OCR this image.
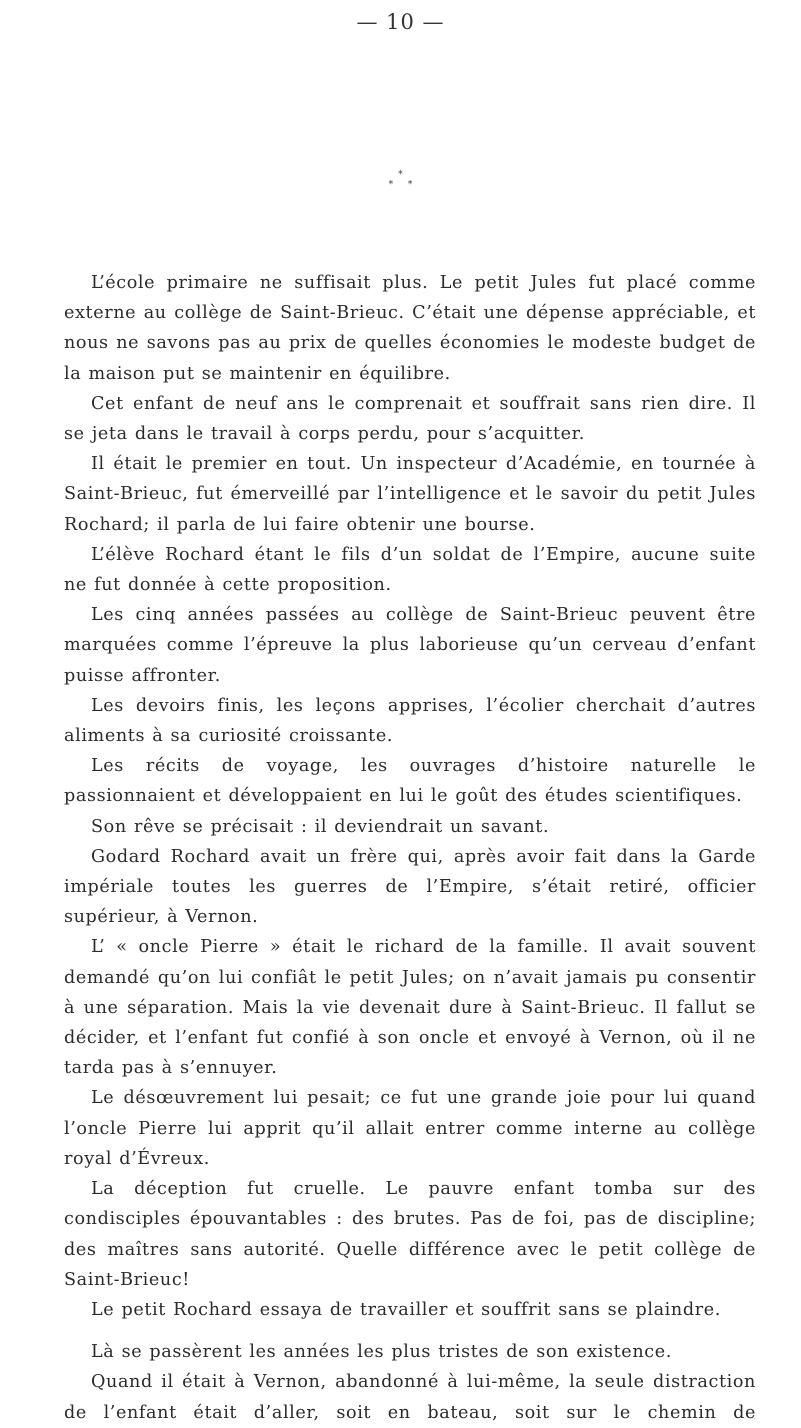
— 10 —
*
* *

L’école primaire ne suffisait plus. Le petit Jules fut placé comme externe au collège de Saint-Brieuc. C’était une dépense appréciable, et nous ne savons pas au prix de quelles économies le modeste budget de la maison put se maintenir en équilibre.

Cet enfant de neuf ans le comprenait et souffrait sans rien dire. Il se jeta dans le travail à corps perdu, pour s’acquitter.

Il était le premier en tout. Un inspecteur d’Académie, en tournée à Saint-Brieuc, fut émerveillé par l’intelligence et le savoir du petit Jules Rochard; il parla de lui faire obtenir une bourse.

L’élève Rochard étant le fils d’un soldat de l’Empire, aucune suite ne fut donnée à cette proposition.

Les cinq années passées au collège de Saint-Brieuc peuvent être marquées comme l’épreuve la plus laborieuse qu’un cerveau d’enfant puisse affronter.

Les devoirs finis, les leçons apprises, l’écolier cherchait d’autres aliments à sa curiosité croissante.

Les récits de voyage, les ouvrages d’histoire naturelle le passionnaient et développaient en lui le goût des études scientifiques.

Son rêve se précisait : il deviendrait un savant.

Godard Rochard avait un frère qui, après avoir fait dans la Garde impériale toutes les guerres de l’Empire, s’était retiré, officier supérieur, à Vernon.

L’ « oncle Pierre » était le richard de la famille. Il avait souvent demandé qu’on lui confiât le petit Jules; on n’avait jamais pu consentir à une séparation. Mais la vie devenait dure à Saint-Brieuc. Il fallut se décider, et l’enfant fut confié à son oncle et envoyé à Vernon, où il ne tarda pas à s’ennuyer.

Le désœuvrement lui pesait; ce fut une grande joie pour lui quand l’oncle Pierre lui apprit qu’il allait entrer comme interne au collège royal d’Évreux.

La déception fut cruelle. Le pauvre enfant tomba sur des condisciples épouvantables : des brutes. Pas de foi, pas de discipline; des maîtres sans autorité. Quelle différence avec le petit collège de Saint-Brieuc!

Le petit Rochard essaya de travailler et souffrit sans se plaindre.

Là se passèrent les années les plus tristes de son existence.

Quand il était à Vernon, abandonné à lui-même, la seule distraction de l’enfant était d’aller, soit en bateau, soit sur le chemin de
